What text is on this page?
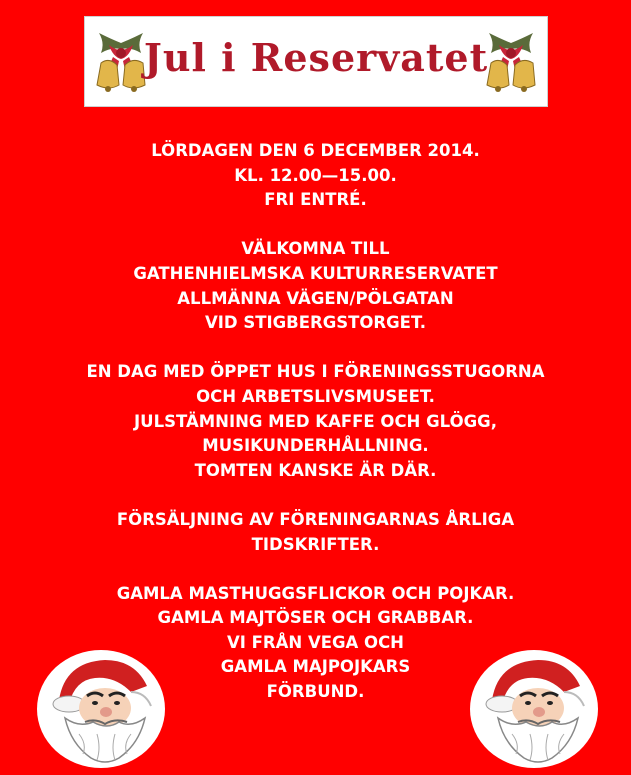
Jul i Reservatet
LÖRDAGEN DEN 6 DECEMBER 2014.
KL. 12.00—15.00.
FRI ENTRÉ.
VÄLKOMNA TILL
GATHENHIELMSKA KULTURRESERVATET
ALLMÄNNA VÄGEN/PÖLGATAN
VID STIGBERGSTORGET.
EN DAG MED ÖPPET HUS I FÖRENINGSSTUGORNA
OCH ARBETSLIVSMUSEET.
JULSTÄMNING MED KAFFE OCH GLÖGG,
MUSIKUNDERHÅLLNING.
TOMTEN KANSKE ÄR DÄR.
FÖRSÄLJNING AV FÖRENINGARNAS ÅRLIGA
TIDSKRIFTER.
GAMLA MASTHUGGSFLICKOR OCH POJKAR.
GAMLA MAJTÖSER OCH GRABBAR.
VI FRÅN VEGA OCH
GAMLA MAJPOJKARS
FÖRBUND.
